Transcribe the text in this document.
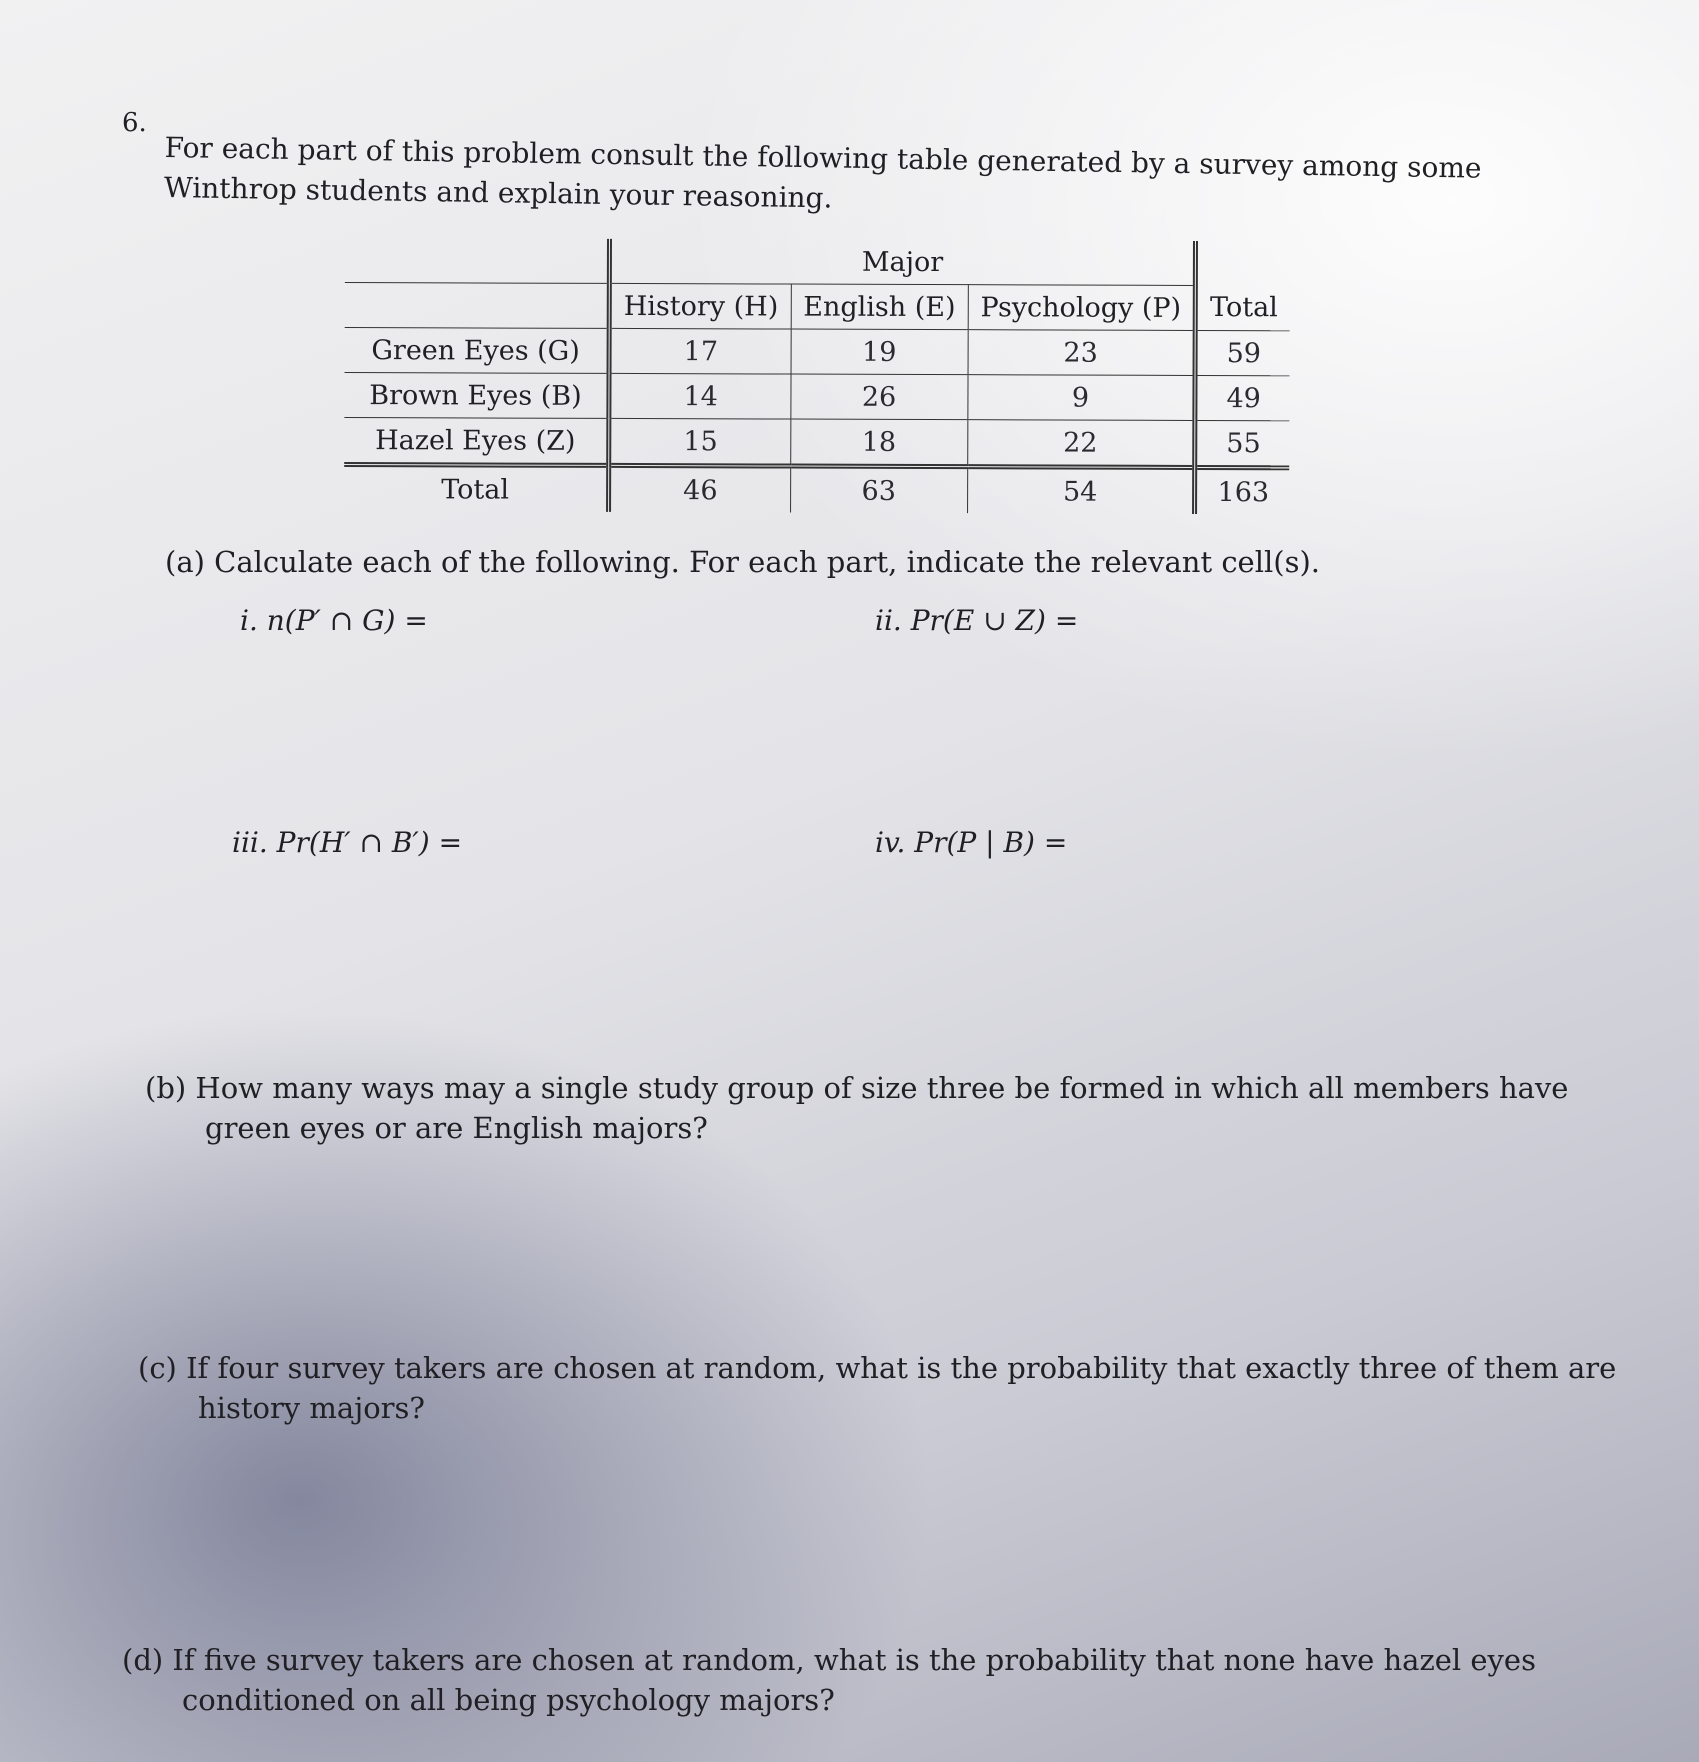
6.
For each part of this problem consult the following table generated by a survey among some Winthrop students and explain your reasoning.
	Major			
	History (H)	English (E)	Psychology (P)	Total
Green Eyes (G)	17	19	23	59
Brown Eyes (B)	14	26	9	49
Hazel Eyes (Z)	15	18	22	55
Total	46	63	54	163
(a) Calculate each of the following. For each part, indicate the relevant cell(s).
i. n(P′ ∩ G) =	ii. Pr(E ∪ Z) =
iii. Pr(H′ ∩ B′) =	iv. Pr(P | B) =
(b) How many ways may a single study group of size three be formed in which all members have green eyes or are English majors?
(c) If four survey takers are chosen at random, what is the probability that exactly three of them are history majors?
(d) If five survey takers are chosen at random, what is the probability that none have hazel eyes conditioned on all being psychology majors?
